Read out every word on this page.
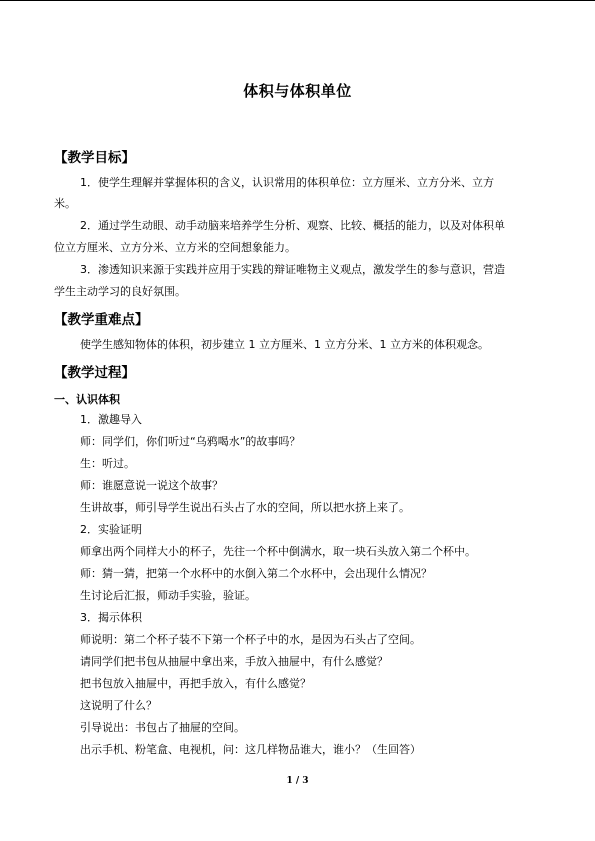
体积与体积单位
【教学目标】
1．使学生理解并掌握体积的含义，认识常用的体积单位：立方厘米、立方分米、立方
米。
2．通过学生动眼、动手动脑来培养学生分析、观察、比较、概括的能力，以及对体积单
位立方厘米、立方分米、立方米的空间想象能力。
3．渗透知识来源于实践并应用于实践的辩证唯物主义观点，激发学生的参与意识，营造
学生主动学习的良好氛围。
【教学重难点】
使学生感知物体的体积，初步建立 1 立方厘米、1 立方分米、1 立方米的体积观念。
【教学过程】
一、认识体积
1．激趣导入
师：同学们，你们听过“乌鸦喝水”的故事吗？
生：听过。
师：谁愿意说一说这个故事？
生讲故事，师引导学生说出石头占了水的空间，所以把水挤上来了。
2．实验证明
师拿出两个同样大小的杯子，先往一个杯中倒满水，取一块石头放入第二个杯中。
师：猜一猜，把第一个水杯中的水倒入第二个水杯中，会出现什么情况？
生讨论后汇报，师动手实验，验证。
3．揭示体积
师说明：第二个杯子装不下第一个杯子中的水，是因为石头占了空间。
请同学们把书包从抽屉中拿出来，手放入抽屉中，有什么感觉？
把书包放入抽屉中，再把手放入，有什么感觉？
这说明了什么？
引导说出：书包占了抽屉的空间。
出示手机、粉笔盒、电视机，问：这几样物品谁大，谁小？（生回答）
1 / 3
